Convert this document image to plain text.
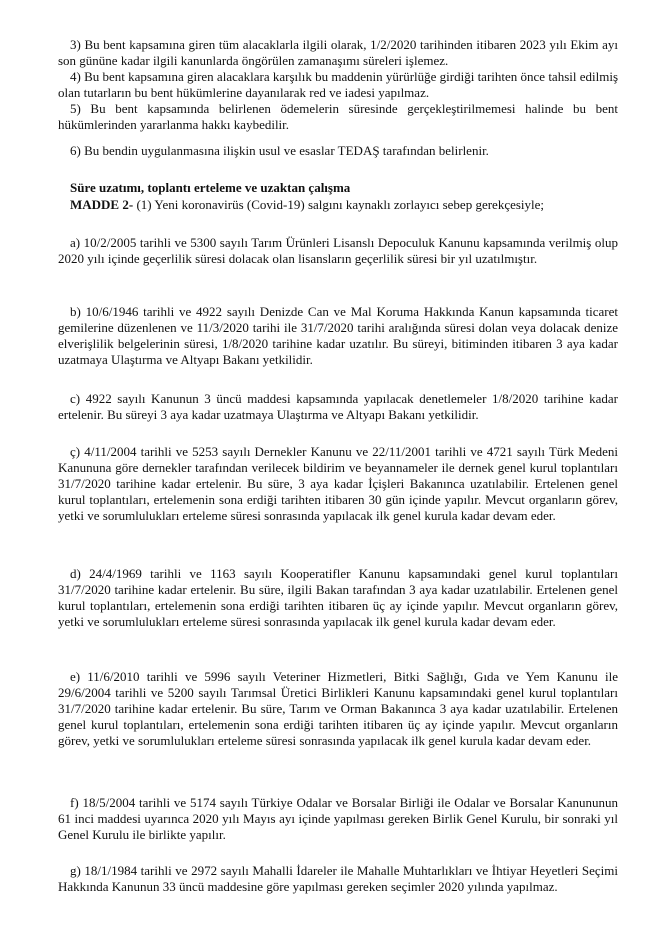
3) Bu bent kapsamına giren tüm alacaklarla ilgili olarak, 1/2/2020 tarihinden itibaren 2023 yılı Ekim ayı son gününe kadar ilgili kanunlarda öngörülen zamanaşımı süreleri işlemez.

4) Bu bent kapsamına giren alacaklara karşılık bu maddenin yürürlüğe girdiği tarihten önce tahsil edilmiş olan tutarların bu bent hükümlerine dayanılarak red ve iadesi yapılmaz.

5) Bu bent kapsamında belirlenen ödemelerin süresinde gerçekleştirilmemesi halinde bu bent hükümlerinden yararlanma hakkı kaybedilir.

6) Bu bendin uygulanmasına ilişkin usul ve esaslar TEDAŞ tarafından belirlenir.

Süre uzatımı, toplantı erteleme ve uzaktan çalışma

MADDE 2- (1) Yeni koronavirüs (Covid-19) salgını kaynaklı zorlayıcı sebep gerekçesiyle;

a) 10/2/2005 tarihli ve 5300 sayılı Tarım Ürünleri Lisanslı Depoculuk Kanunu kapsamında verilmiş olup 2020 yılı içinde geçerlilik süresi dolacak olan lisansların geçerlilik süresi bir yıl uzatılmıştır.

b) 10/6/1946 tarihli ve 4922 sayılı Denizde Can ve Mal Koruma Hakkında Kanun kapsamında ticaret gemilerine düzenlenen ve 11/3/2020 tarihi ile 31/7/2020 tarihi aralığında süresi dolan veya dolacak denize elverişlilik belgelerinin süresi, 1/8/2020 tarihine kadar uzatılır. Bu süreyi, bitiminden itibaren 3 aya kadar uzatmaya Ulaştırma ve Altyapı Bakanı yetkilidir.

c) 4922 sayılı Kanunun 3 üncü maddesi kapsamında yapılacak denetlemeler 1/8/2020 tarihine kadar ertelenir. Bu süreyi 3 aya kadar uzatmaya Ulaştırma ve Altyapı Bakanı yetkilidir.

ç) 4/11/2004 tarihli ve 5253 sayılı Dernekler Kanunu ve 22/11/2001 tarihli ve 4721 sayılı Türk Medeni Kanununa göre dernekler tarafından verilecek bildirim ve beyannameler ile dernek genel kurul toplantıları 31/7/2020 tarihine kadar ertelenir. Bu süre, 3 aya kadar İçişleri Bakanınca uzatılabilir. Ertelenen genel kurul toplantıları, ertelemenin sona erdiği tarihten itibaren 30 gün içinde yapılır. Mevcut organların görev, yetki ve sorumlulukları erteleme süresi sonrasında yapılacak ilk genel kurula kadar devam eder.

d) 24/4/1969 tarihli ve 1163 sayılı Kooperatifler Kanunu kapsamındaki genel kurul toplantıları 31/7/2020 tarihine kadar ertelenir. Bu süre, ilgili Bakan tarafından 3 aya kadar uzatılabilir. Ertelenen genel kurul toplantıları, ertelemenin sona erdiği tarihten itibaren üç ay içinde yapılır. Mevcut organların görev, yetki ve sorumlulukları erteleme süresi sonrasında yapılacak ilk genel kurula kadar devam eder.

e) 11/6/2010 tarihli ve 5996 sayılı Veteriner Hizmetleri, Bitki Sağlığı, Gıda ve Yem Kanunu ile 29/6/2004 tarihli ve 5200 sayılı Tarımsal Üretici Birlikleri Kanunu kapsamındaki genel kurul toplantıları 31/7/2020 tarihine kadar ertelenir. Bu süre, Tarım ve Orman Bakanınca 3 aya kadar uzatılabilir. Ertelenen genel kurul toplantıları, ertelemenin sona erdiği tarihten itibaren üç ay içinde yapılır. Mevcut organların görev, yetki ve sorumlulukları erteleme süresi sonrasında yapılacak ilk genel kurula kadar devam eder.

f) 18/5/2004 tarihli ve 5174 sayılı Türkiye Odalar ve Borsalar Birliği ile Odalar ve Borsalar Kanununun 61 inci maddesi uyarınca 2020 yılı Mayıs ayı içinde yapılması gereken Birlik Genel Kurulu, bir sonraki yıl Genel Kurulu ile birlikte yapılır.

g) 18/1/1984 tarihli ve 2972 sayılı Mahalli İdareler ile Mahalle Muhtarlıkları ve İhtiyar Heyetleri Seçimi Hakkında Kanunun 33 üncü maddesine göre yapılması gereken seçimler 2020 yılında yapılmaz.
